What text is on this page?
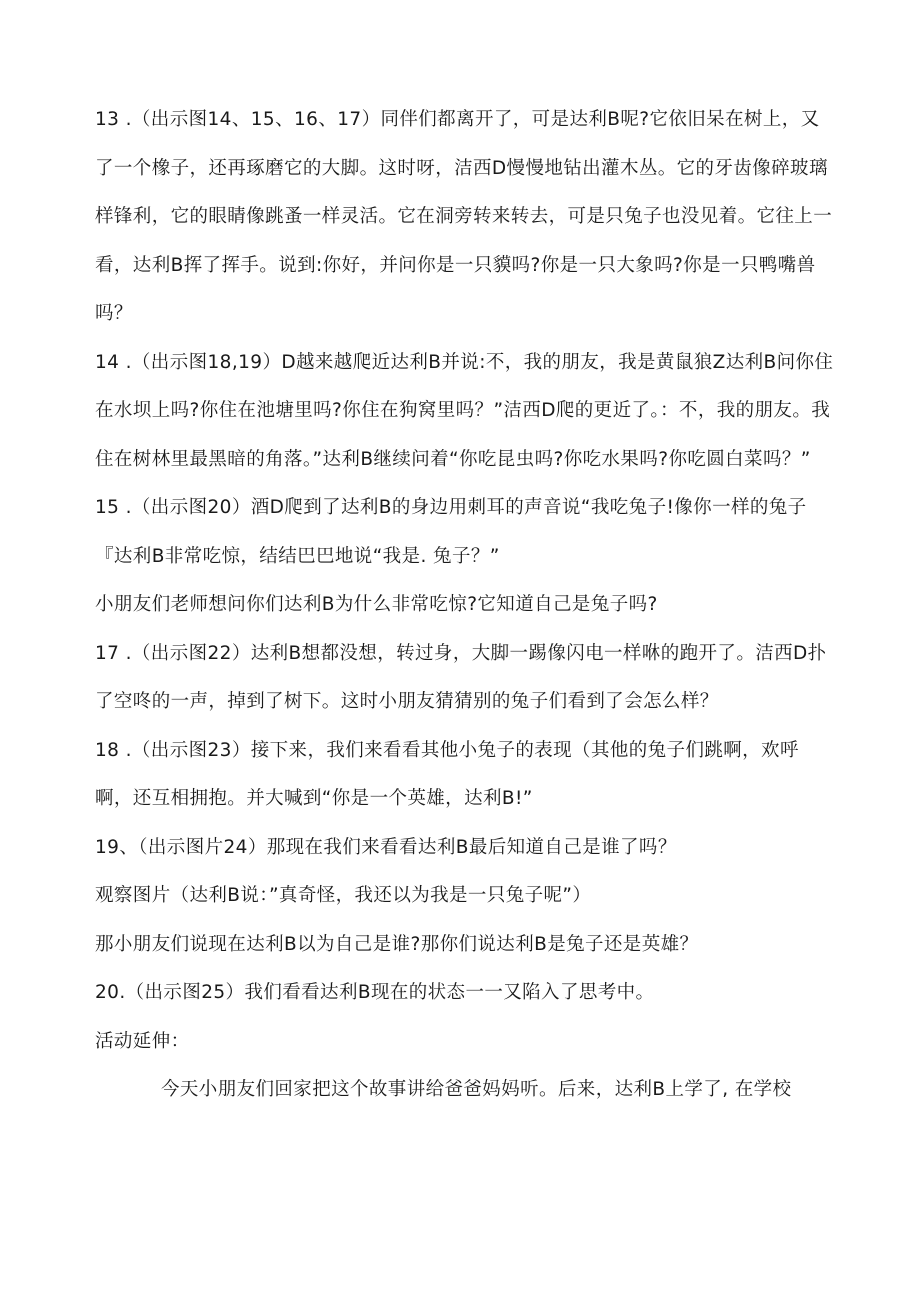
13 .（出示图14、15、16、17）同伴们都离开了，可是达利B呢?它依旧呆在树上，又了一个橡子，还再琢磨它的大脚。这时呀，洁西D慢慢地钻出灌木丛。它的牙齿像碎玻璃样锋利，它的眼睛像跳蚤一样灵活。它在洞旁转来转去，可是只兔子也没见着。它往上一看，达利B挥了挥手。说到:你好，并问你是一只貘吗?你是一只大象吗?你是一只鸭嘴兽吗？

14 .（出示图18,19）D越来越爬近达利B并说:不，我的朋友，我是黄鼠狼Z达利B问你住在水坝上吗?你住在池塘里吗?你住在狗窝里吗？”洁西D爬的更近了。：不，我的朋友。我住在树林里最黑暗的角落。”达利B继续问着“你吃昆虫吗?你吃水果吗?你吃圆白菜吗？”

15 .（出示图20）酒D爬到了达利B的身边用刺耳的声音说“我吃兔子!像你一样的兔子『达利B非常吃惊，结结巴巴地说“我是. 兔子？”

小朋友们老师想问你们达利B为什么非常吃惊?它知道自己是兔子吗?

17 .（出示图22）达利B想都没想，转过身，大脚一踢像闪电一样咻的跑开了。洁西D扑了空咚的一声，掉到了树下。这时小朋友猜猜别的兔子们看到了会怎么样？

18 .（出示图23）接下来，我们来看看其他小兔子的表现（其他的兔子们跳啊，欢呼啊，还互相拥抱。并大喊到“你是一个英雄，达利B!”

19、（出示图片24）那现在我们来看看达利B最后知道自己是谁了吗？

观察图片（达利B说：”真奇怪，我还以为我是一只兔子呢”）

那小朋友们说现在达利B以为自己是谁?那你们说达利B是兔子还是英雄？

20.（出示图25）我们看看达利B现在的状态一一又陷入了思考中。

活动延伸：

今天小朋友们回家把这个故事讲给爸爸妈妈听。后来，达利B上学了, 在学校
